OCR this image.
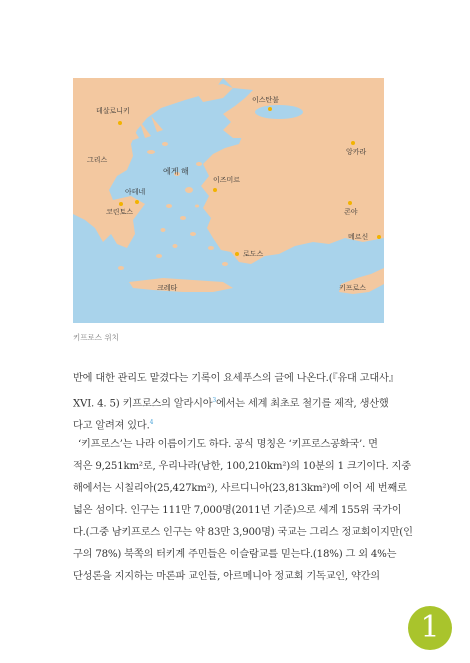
데살로니키
이스탄불
그리스
앙카라
에게 해
이즈미르
아테네
코린토스	콘야
메르신
로도스
크레타	키프로스
키프로스 위치
반에 대한 관리도 맡겼다는 기록이 요세푸스의 글에 나온다.(『유대 고대사』
XVI. 4. 5) 키프로스의 알라시아$^3$에서는 세계 최초로 철기를 제작, 생산했
다고 알려져 있다.$^4$
‘키프로스’는 나라 이름이기도 하다. 공식 명칭은 ‘키프로스공화국’. 면
적은 9,251km²로, 우리나라(남한, 100,210km²)의 10분의 1 크기이다. 지중
해에서는 시칠리아(25,427km²), 사르디니아(23,813km²)에 이어 세 번째로
넓은 섬이다. 인구는 111만 7,000명(2011년 기준)으로 세계 155위 국가이
다.(그중 남키프로스 인구는 약 83만 3,900명) 국교는 그리스 정교회이지만(인
구의 78%) 북쪽의 터키계 주민들은 이슬람교를 믿는다.(18%) 그 외 4%는
단성론을 지지하는 마론파 교인들, 아르메니아 정교회 기독교인, 약간의
1
